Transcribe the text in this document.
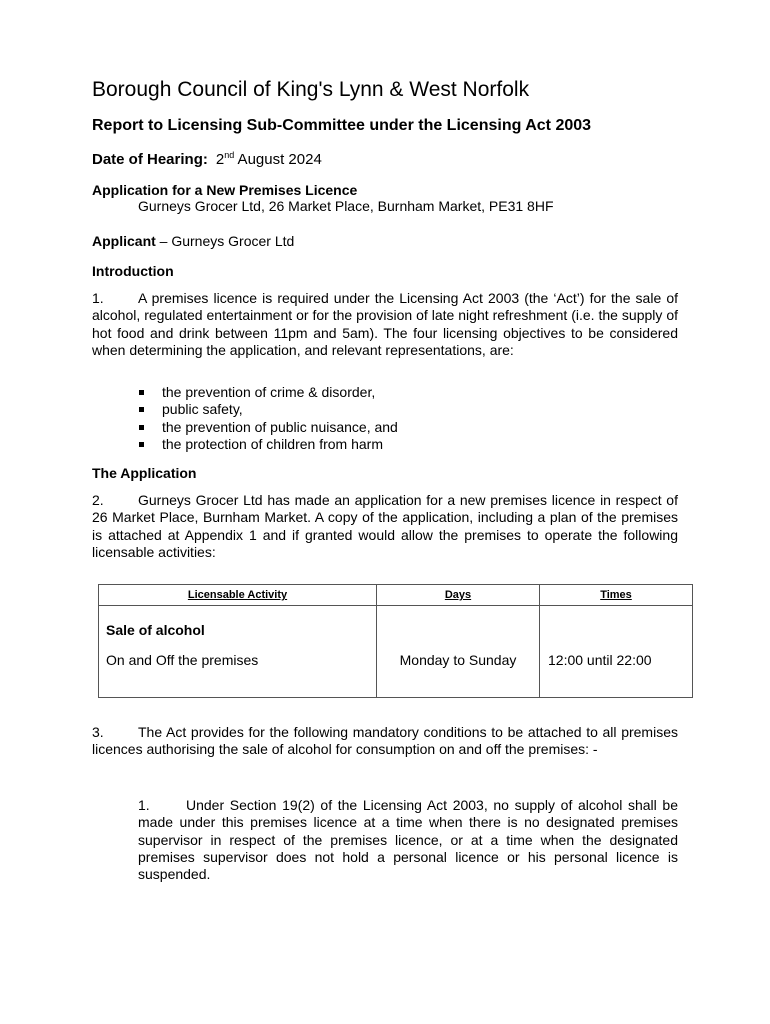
Borough Council of King's Lynn & West Norfolk
Report to Licensing Sub-Committee under the Licensing Act 2003
Date of Hearing: 2nd August 2024
Application for a New Premises Licence
Gurneys Grocer Ltd, 26 Market Place, Burnham Market, PE31 8HF
Applicant – Gurneys Grocer Ltd
Introduction

1. A premises licence is required under the Licensing Act 2003 (the ‘Act’) for the sale of alcohol, regulated entertainment or for the provision of late night refreshment (i.e. the supply of hot food and drink between 11pm and 5am). The four licensing objectives to be considered when determining the application, and relevant representations, are:

the prevention of crime & disorder,
public safety,
the prevention of public nuisance, and
the protection of children from harm
The Application

2. Gurneys Grocer Ltd has made an application for a new premises licence in respect of 26 Market Place, Burnham Market. A copy of the application, including a plan of the premises is attached at Appendix 1 and if granted would allow the premises to operate the following licensable activities:

Licensable Activity	Days	Times

Sale of alcohol
On and Off the premises	Monday to Sunday	12:00 until 22:00

3. The Act provides for the following mandatory conditions to be attached to all premises licences authorising the sale of alcohol for consumption on and off the premises: -

1.	Under Section 19(2) of the Licensing Act 2003, no supply of alcohol shall be made under this premises licence at a time when there is no designated premises supervisor in respect of the premises licence, or at a time when the designated premises supervisor does not hold a personal licence or his personal licence is suspended.
